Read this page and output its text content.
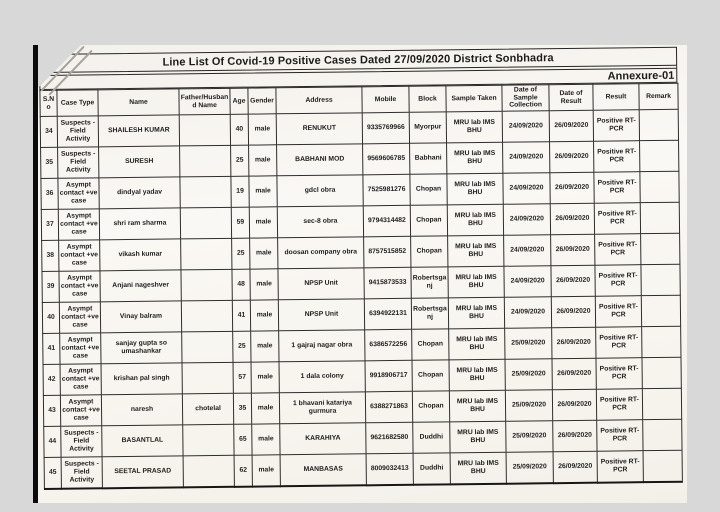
Line List Of Covid-19 Positive Cases Dated 27/09/2020 District Sonbhadra
Annexure-01
S.No	Case Type	Name	Father/Husband Name	Age	Gender	Address	Mobile	Block	Sample Taken	Date of Sample Collection	Date of Result	Result	Remark
34	Suspects - Field Activity	SHAILESH KUMAR		40	male	RENUKUT	9335769966	Myorpur	MRU lab IMS BHU	24/09/2020	26/09/2020	Positive RT-PCR	
35	Suspects - Field Activity	SURESH		25	male	BABHANI MOD	9569606785	Babhani	MRU lab IMS BHU	24/09/2020	26/09/2020	Positive RT-PCR	
36	Asympt contact +ve case	dindyal yadav		19	male	gdcl obra	7525981276	Chopan	MRU lab IMS BHU	24/09/2020	26/09/2020	Positive RT-PCR	
37	Asympt contact +ve case	shri ram sharma		59	male	sec-8 obra	9794314482	Chopan	MRU lab IMS BHU	24/09/2020	26/09/2020	Positive RT-PCR	
38	Asympt contact +ve case	vikash kumar		25	male	doosan company obra	8757515852	Chopan	MRU lab IMS BHU	24/09/2020	26/09/2020	Positive RT-PCR	
39	Asympt contact +ve case	Anjani nageshver		48	male	NPSP Unit	9415873533	Robertsganj	MRU lab IMS BHU	24/09/2020	26/09/2020	Positive RT-PCR	
40	Asympt contact +ve case	Vinay balram		41	male	NPSP Unit	6394922131	Robertsganj	MRU lab IMS BHU	24/09/2020	26/09/2020	Positive RT-PCR	
41	Asympt contact +ve case	sanjay gupta so umashankar		25	male	1 gajraj nagar obra	6386572256	Chopan	MRU lab IMS BHU	25/09/2020	26/09/2020	Positive RT-PCR	
42	Asympt contact +ve case	krishan pal singh		57	male	1 dala colony	9918906717	Chopan	MRU lab IMS BHU	25/09/2020	26/09/2020	Positive RT-PCR	
43	Asympt contact +ve case	naresh	chotelal	35	male	1 bhavani katariya gurmura	6388271863	Chopan	MRU lab IMS BHU	25/09/2020	26/09/2020	Positive RT-PCR	
44	Suspects - Field Activity	BASANTLAL		65	male	KARAHIYA	9621682580	Duddhi	MRU lab IMS BHU	25/09/2020	26/09/2020	Positive RT-PCR	
45	Suspects - Field Activity	SEETAL PRASAD		62	male	MANBASAS	8009032413	Duddhi	MRU lab IMS BHU	25/09/2020	26/09/2020	Positive RT-PCR	
